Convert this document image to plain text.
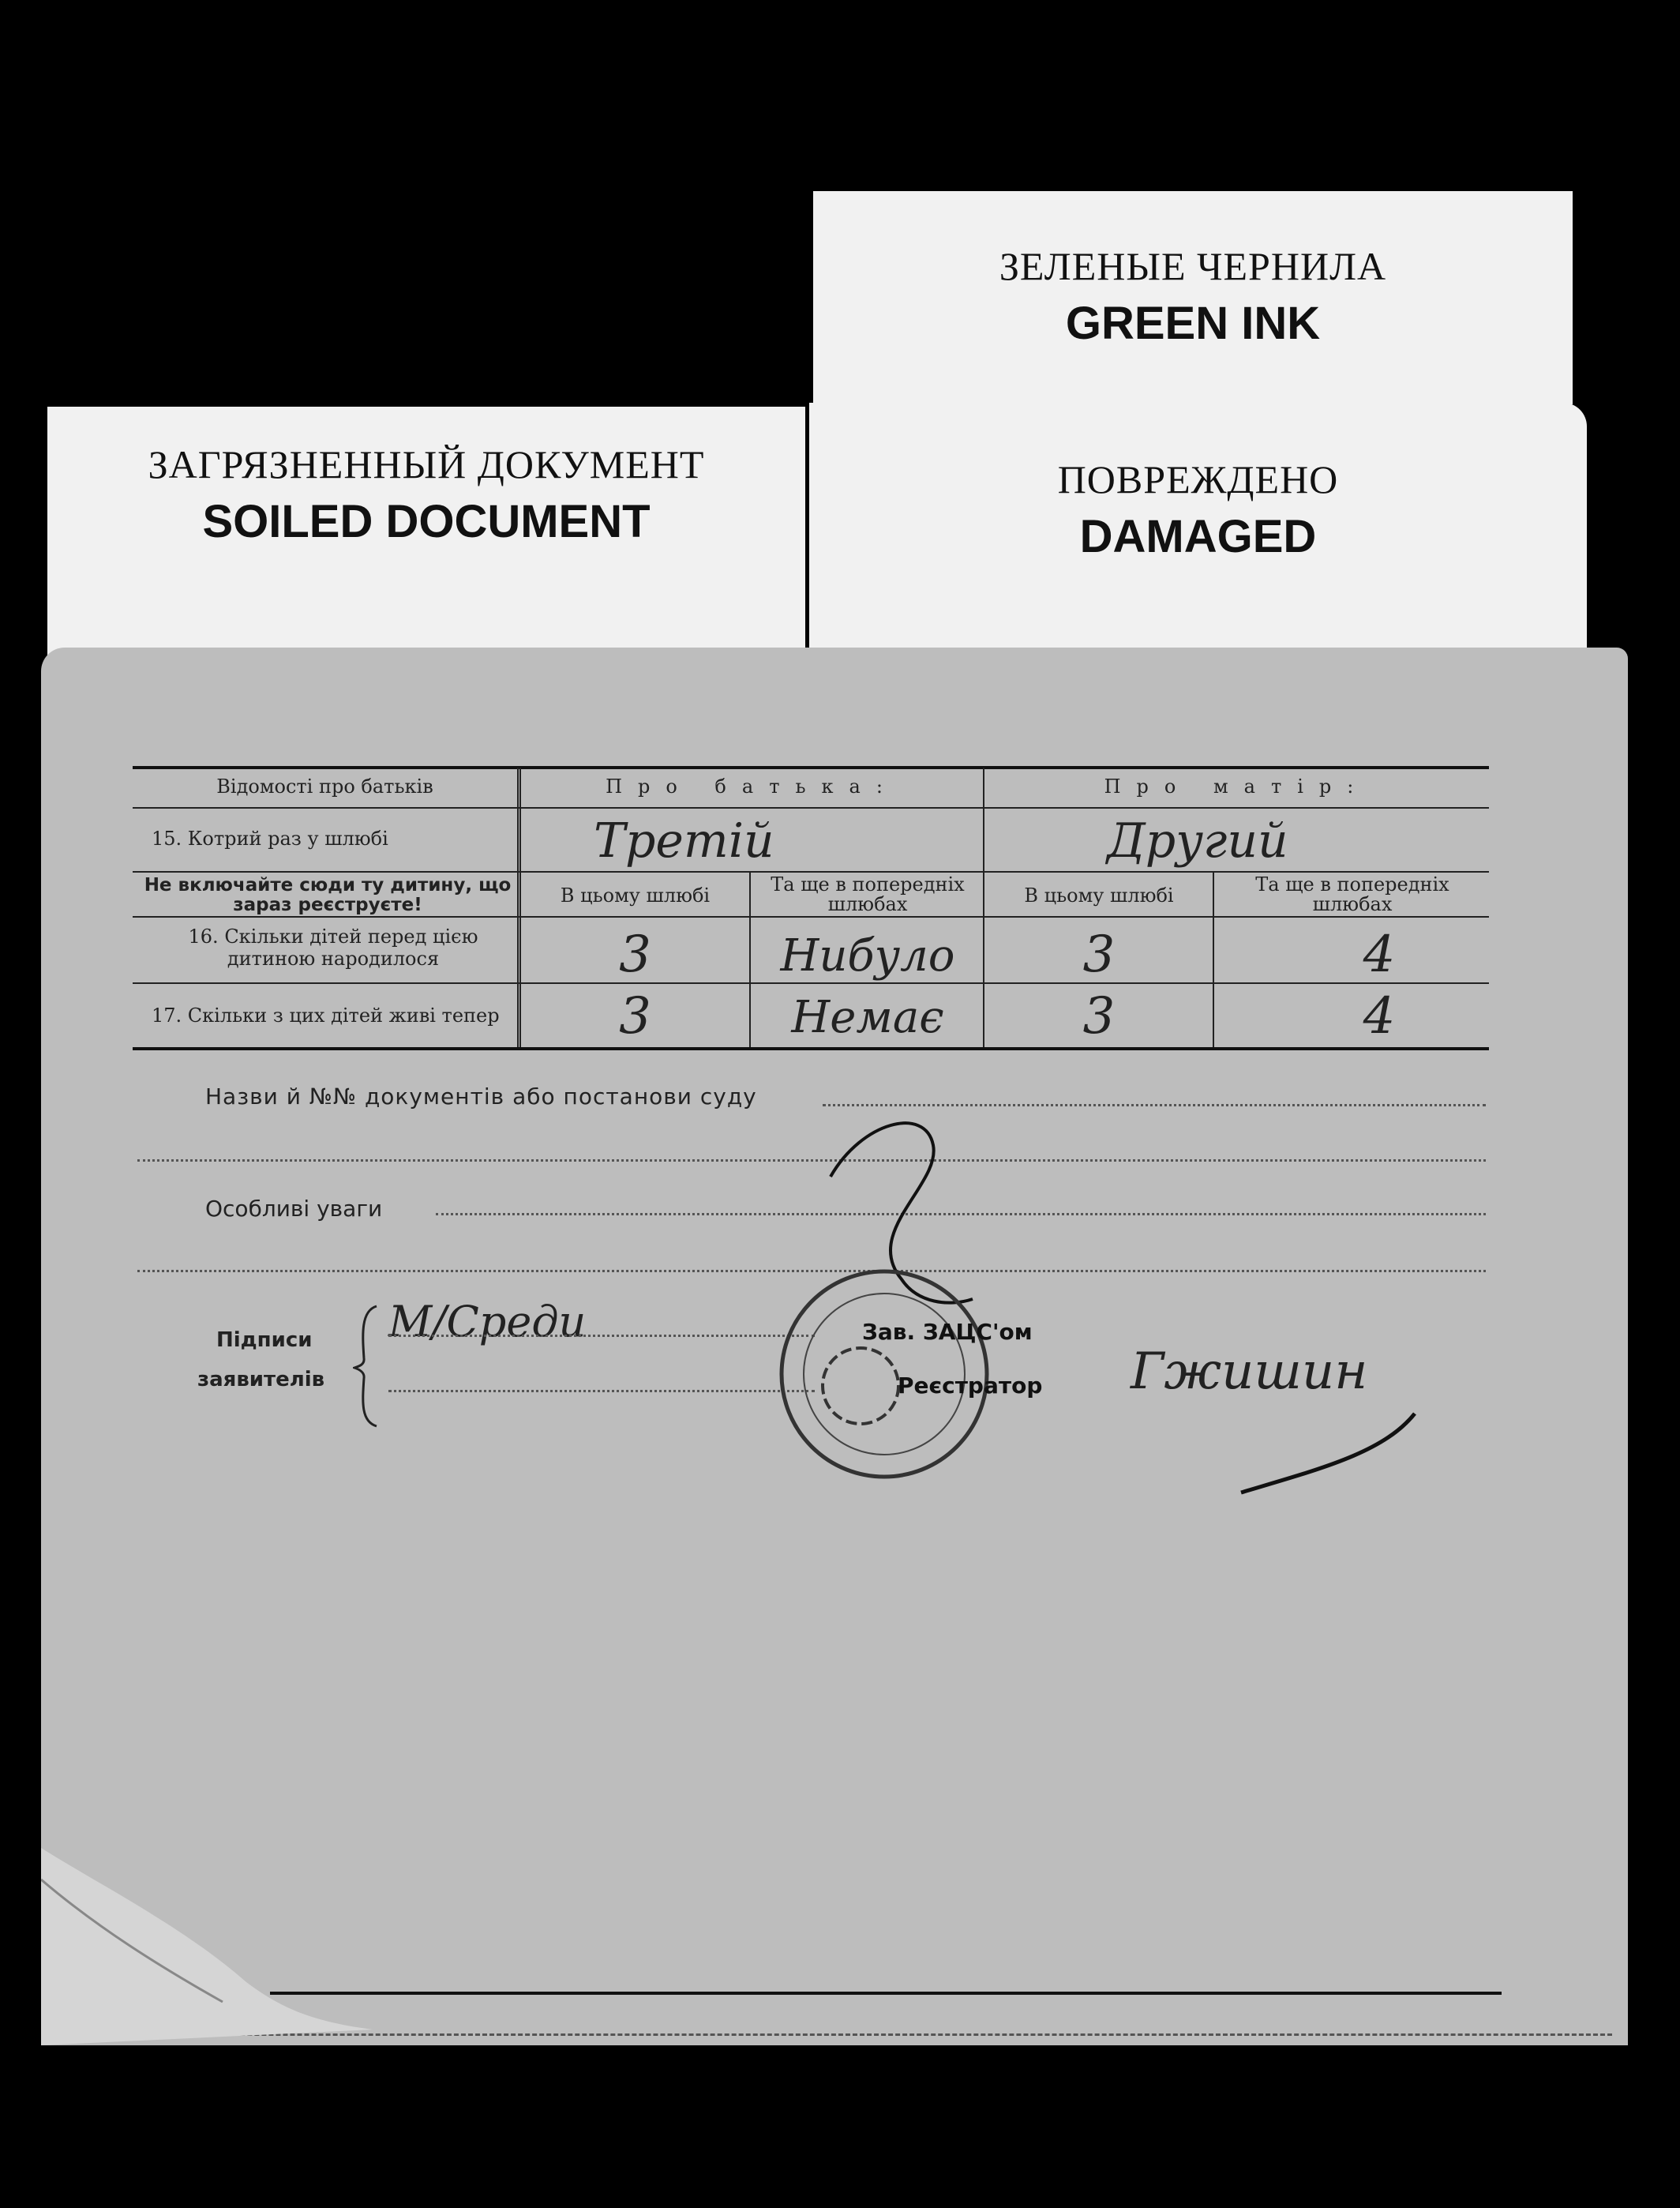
ЗЕЛЕНЫЕ ЧЕРНИЛА
GREEN INK
ЗАГРЯЗНЕННЫЙ ДОКУМЕНТ
SOILED DOCUMENT
ПОВРЕЖДЕНО
DAMAGED
Відомості про батьків	Про батька:	Про матір:
15. Котрий раз у шлюбі	Третій	Другий
Не включайте сюди ту дитину, що зараз реєструєте!	В цьому шлюбі	Та ще в попередніх шлюбах	В цьому шлюбі	Та ще в попередніх шлюбах
16. Скільки дітей перед цією дитиною народилося	3	Нибуло	3	4
17. Скільки з цих дітей живі тепер	3	Немає	3	4
Назви й №№ документів або постанови суду
Особливі уваги
Підписи
заявителів
М/Среди	Зав. ЗАЦС'ом
Реєстратор Гжишин
